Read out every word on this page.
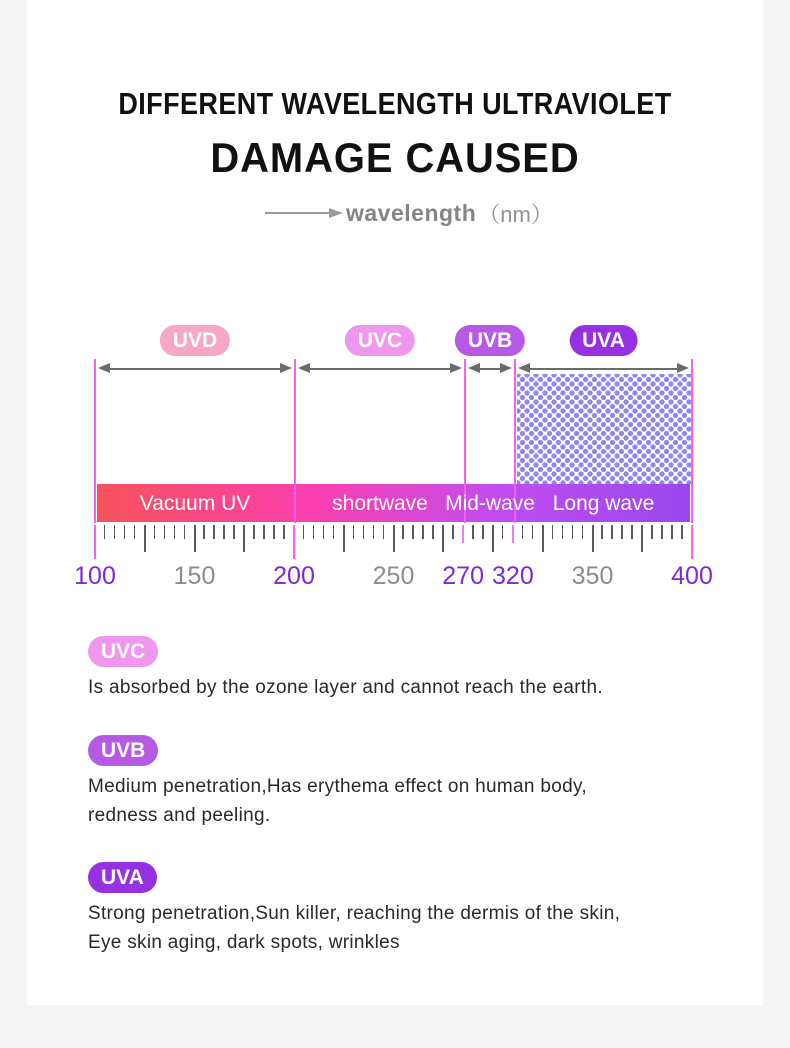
DIFFERENT WAVELENGTH ULTRAVIOLET
DAMAGE CAUSED
wavelength （nm）
UVD	UVC	UVB	UVA
Vacuum UV	shortwave Mid-wave Long wave
100 150 200 250 270 320 350 400
UVC
Is absorbed by the ozone layer and cannot reach the earth.
UVB
Medium penetration,Has erythema effect on human body,
redness and peeling.
UVA
Strong penetration,Sun killer, reaching the dermis of the skin,
Eye skin aging, dark spots, wrinkles
